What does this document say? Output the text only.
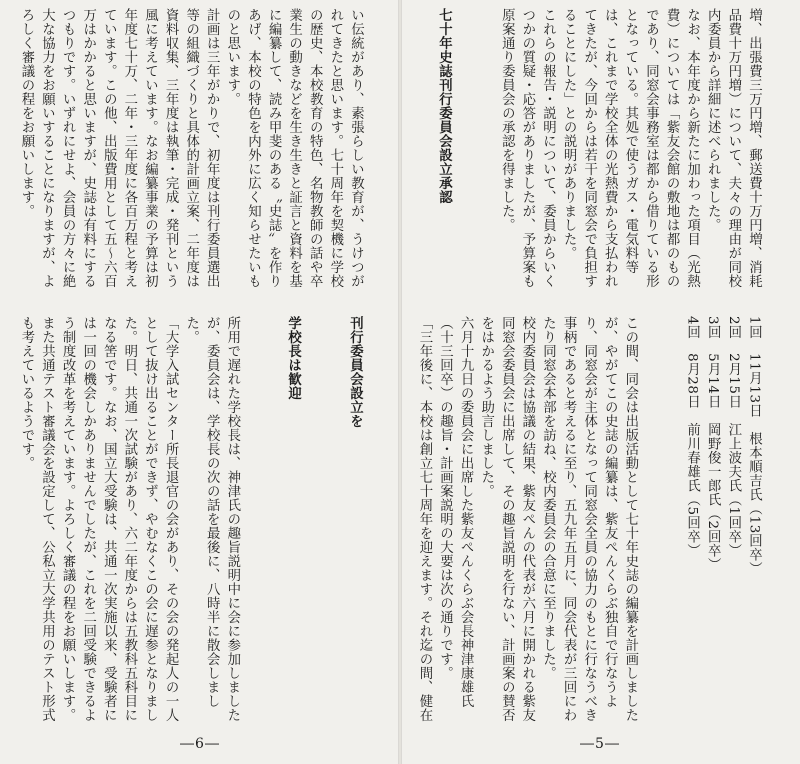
い伝統があり、素張らしい教育が、うけつがれてきたと思います。七十周年を契機に学校の歴史、本校教育の特色、名物教師の話や卒業生の動きなどを生き生きと証言と資料を基に編纂して、読み甲斐のある〝史誌〟を作りあげ、本校の特色を内外に広く知らせたいものと思います。
計画は三年がかりで、初年度は刊行委員選出等の組織づくりと具体的計画立案、二年度は資料収集、三年度は執筆・完成・発刊という風に考えています。なお編纂事業の予算は初年度七十万、二年・三年度に各百万程と考えています。この他、出版費用として五〜六百万はかかると思いますが、史誌は有料にするつもりです。いずれにせよ、会員の方々に絶大な協力をお願いすることになりますが、よろしく審議の程をお願いします。

刊行委員会設立を

学校長は歓迎

所用で遅れた学校長は、神津氏の趣旨説明中に会に参加しましたが、委員会は、学校長の次の話を最後に、八時半に散会しました。
「大学入試センター所長退官の会があり、その会の発起人の一人として抜け出ることができず、やむなくこの会に遅参となりました。明日、共通一次試験があり、六二年度からは五教科五科目になる筈です。なお、国立大受験は、共通一次実施以来、受験者には一回の機会しかありませんでしたが、これを二回受験できるよう制度改革を考えています。よろしく審議の程をお願いします。また共通テスト審議会を設定して、公私立大学共用のテスト形式も考えているようです。

―6―

増、出張費三万円増、郵送費十万円増、消耗品費十万円増）について、夫々の理由が同校内委員から詳細に述べられました。
なお、本年度から新たに加わった項目（光熱費）については「紫友会館の敷地は都のものであり、同窓会事務室は都から借りている形となっている。其処で使うガス・電気料等は、これまで学校全体の光熱費から支払われてきたが、今回からは若干を同窓会で負担することにした」との説明がありました。
これらの報告・説明について、委員からいくつかの質疑・応答がありましたが、予算案も原案通り委員会の承認を得ました。

七十年史誌刊行委員会設立承認

1回　11月13日　根本順吉氏（13回卒）
2回　2月15日　江上波夫氏（1回卒）
3回　5月14日　岡野俊一郎氏（2回卒）
4回　8月28日　前川春雄氏（5回卒）

この間、同会は出版活動として七十年史誌の編纂を計画しましたが、やがてこの史誌の編纂は、紫友ぺんくらぶ独自で行なうより、同窓会が主体となって同窓会全員の協力のもとに行なうべき事柄であると考えるに至り、五九年五月に、同会代表が三回にわたり同窓会本部を訪ね、校内委員会の合意に至りました。
校内委員会は協議の結果、紫友ぺんの代表が六月に開かれる紫友同窓会委員会に出席して、その趣旨説明を行ない、計画案の賛否をはかるよう助言しました。
六月十九日の委員会に出席した紫友ぺんくらぶ会長神津康雄氏（十三回卒）の趣旨・計画案説明の大要は次の通りです。
「三年後に、本校は創立七十周年を迎えます。それ迄の間、健在

―5―
